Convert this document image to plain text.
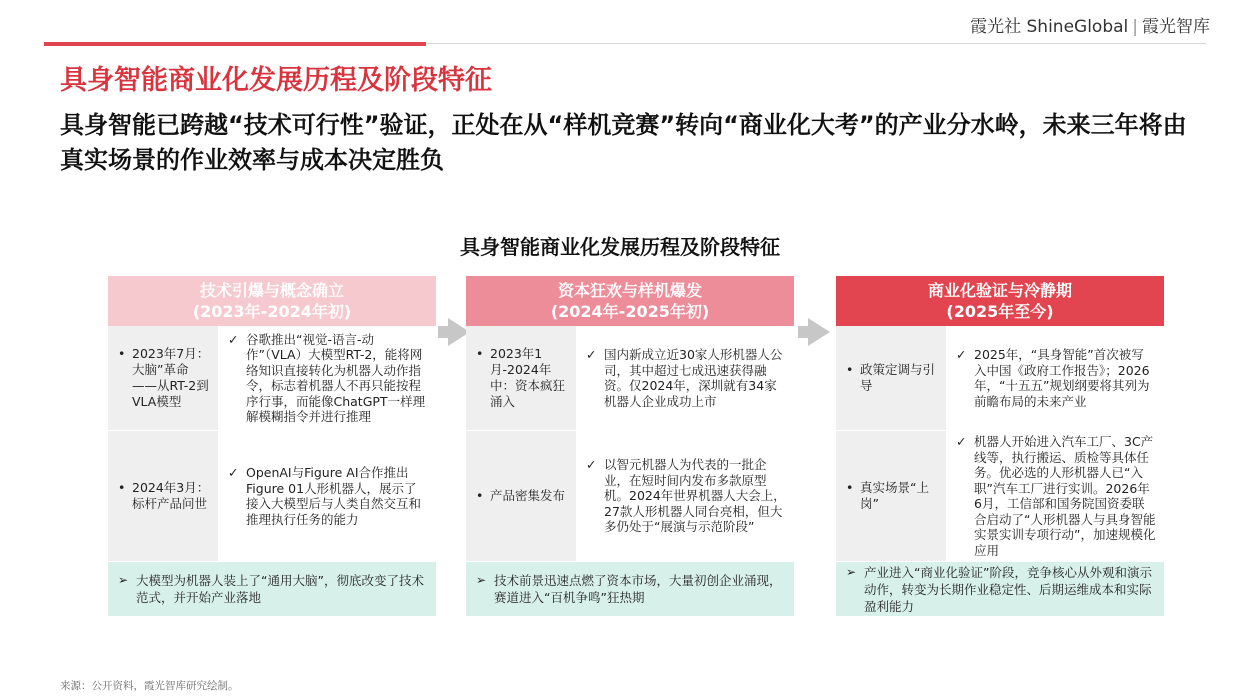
霞光社 ShineGlobal | 霞光智库
具身智能商业化发展历程及阶段特征
具身智能已跨越“技术可行性”验证，正处在从“样机竞赛”转向“商业化大考”的产业分水岭，未来三年将由真实场景的作业效率与成本决定胜负
具身智能商业化发展历程及阶段特征
技术引爆与概念确立
(2023年-2024年初)
• 2023年7月：大脑”革命——从RT-2到VLA模型
✓ 谷歌推出“视觉-语言-动作”（VLA）大模型RT-2，能将网络知识直接转化为机器人动作指令，标志着机器人不再只能按程序行事，而能像ChatGPT一样理解模糊指令并进行推理
• 2024年3月：标杆产品问世
✓ OpenAI与Figure AI合作推出Figure 01人形机器人，展示了接入大模型后与人类自然交互和推理执行任务的能力
➢ 大模型为机器人装上了“通用大脑”，彻底改变了技术范式，并开始产业落地
资本狂欢与样机爆发
(2024年-2025年初)
• 2023年1月-2024年中：资本疯狂涌入
✓ 国内新成立近30家人形机器人公司，其中超过七成迅速获得融资。仅2024年，深圳就有34家机器人企业成功上市
• 产品密集发布
✓ 以智元机器人为代表的一批企业，在短时间内发布多款原型机。2024年世界机器人大会上，27款人形机器人同台亮相，但大多仍处于“展演与示范阶段”
➢ 技术前景迅速点燃了资本市场，大量初创企业涌现，赛道进入“百机争鸣”狂热期
商业化验证与冷静期
(2025年至今)
• 政策定调与引导
✓ 2025年，“具身智能”首次被写入中国《政府工作报告》；2026年，“十五五”规划纲要将其列为前瞻布局的未来产业
• 真实场景“上岗”
✓ 机器人开始进入汽车工厂、3C产线等，执行搬运、质检等具体任务。优必选的人形机器人已“入职”汽车工厂进行实训。2026年6月，工信部和国务院国资委联合启动了“人形机器人与具身智能实景实训专项行动”，加速规模化应用
➢ 产业进入“商业化验证”阶段，竞争核心从外观和演示动作，转变为长期作业稳定性、后期运维成本和实际盈利能力
来源：公开资料，霞光智库研究绘制。
